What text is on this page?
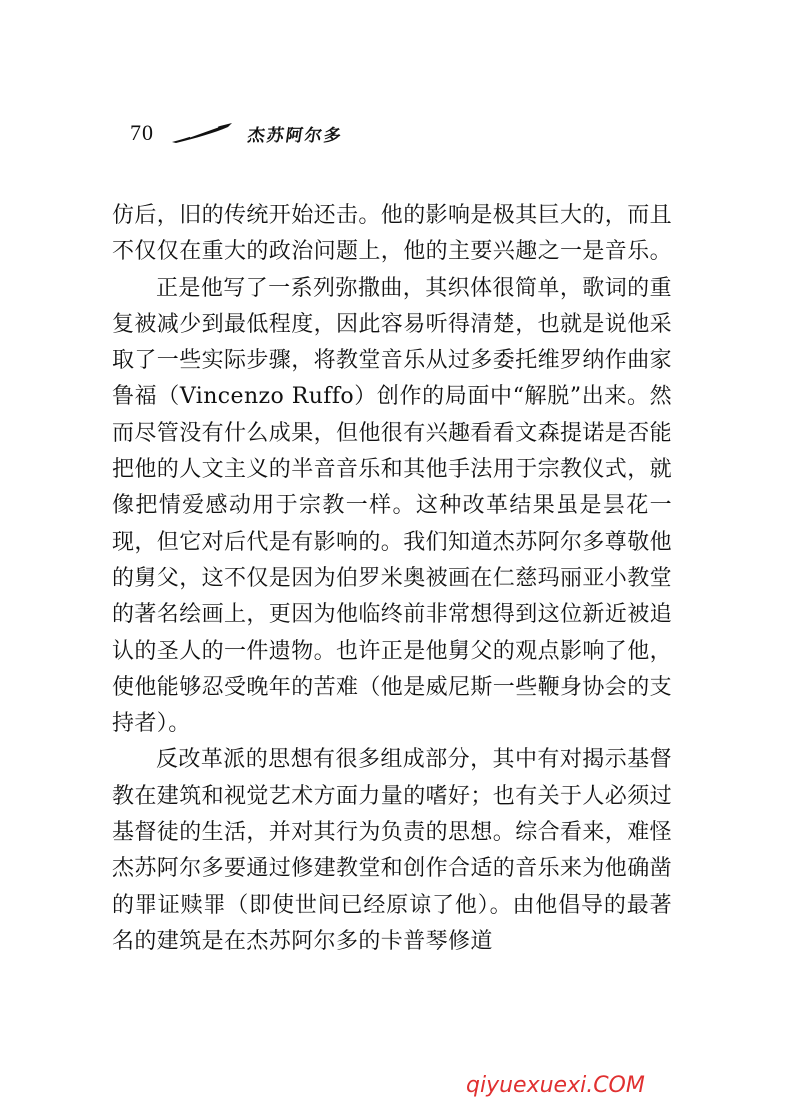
70	杰苏阿尔多

仿后，旧的传统开始还击。他的影响是极其巨大的，而且不仅仅在重大的政治问题上，他的主要兴趣之一是音乐。

正是他写了一系列弥撒曲，其织体很简单，歌词的重复被减少到最低程度，因此容易听得清楚，也就是说他采取了一些实际步骤，将教堂音乐从过多委托维罗纳作曲家鲁福（Vincenzo Ruffo）创作的局面中“解脱”出来。然而尽管没有什么成果，但他很有兴趣看看文森提诺是否能把他的人文主义的半音音乐和其他手法用于宗教仪式，就像把情爱感动用于宗教一样。这种改革结果虽是昙花一现，但它对后代是有影响的。我们知道杰苏阿尔多尊敬他的舅父，这不仅是因为伯罗米奥被画在仁慈玛丽亚小教堂的著名绘画上，更因为他临终前非常想得到这位新近被追认的圣人的一件遗物。也许正是他舅父的观点影响了他，使他能够忍受晚年的苦难（他是威尼斯一些鞭身协会的支持者）。

反改革派的思想有很多组成部分，其中有对揭示基督教在建筑和视觉艺术方面力量的嗜好；也有关于人必须过基督徒的生活，并对其行为负责的思想。综合看来，难怪杰苏阿尔多要通过修建教堂和创作合适的音乐来为他确凿的罪证赎罪（即使世间已经原谅了他）。由他倡导的最著名的建筑是在杰苏阿尔多的卡普琴修道

qiyuexuexi.COM
